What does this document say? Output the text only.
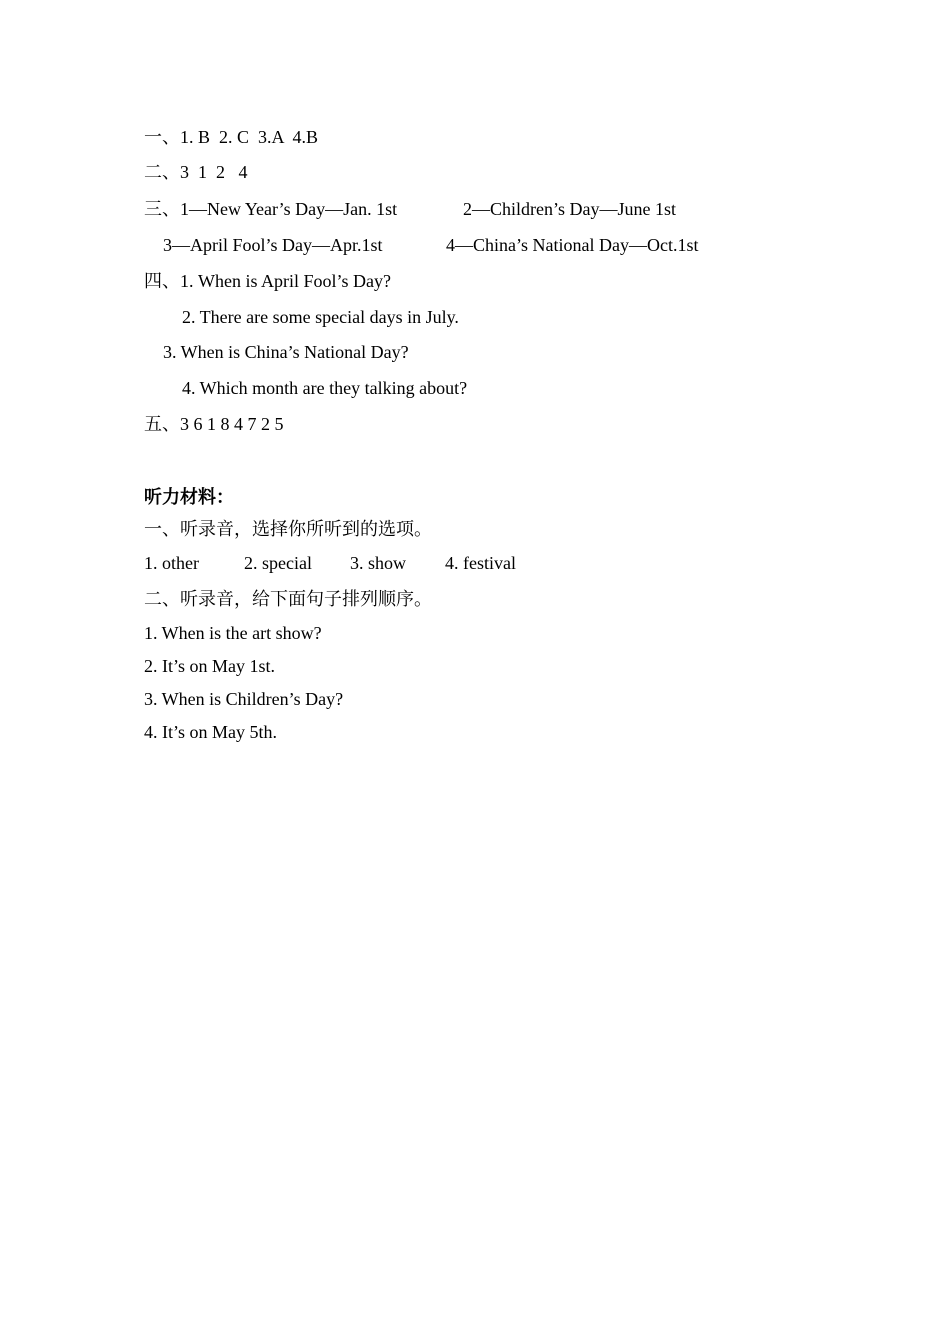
一、1. B  2. C  3.A  4.B
二、3  1  2   4
三、1—New Year’s Day—Jan. 1st	2—Children’s Day—June 1st
3—April Fool’s Day—Apr.1st	4—China’s National Day—Oct.1st
四、1. When is April Fool’s Day?
2. There are some special days in July.
3. When is China’s National Day?
4. Which month are they talking about?
五、3 6 1 8 4 7 2 5
听力材料：
一、听录音，选择你所听到的选项。
1. other	2. special 3. show 4. festival
二、听录音，给下面句子排列顺序。
1. When is the art show?
2. It’s on May 1st.
3. When is Children’s Day?
4. It’s on May 5th.
